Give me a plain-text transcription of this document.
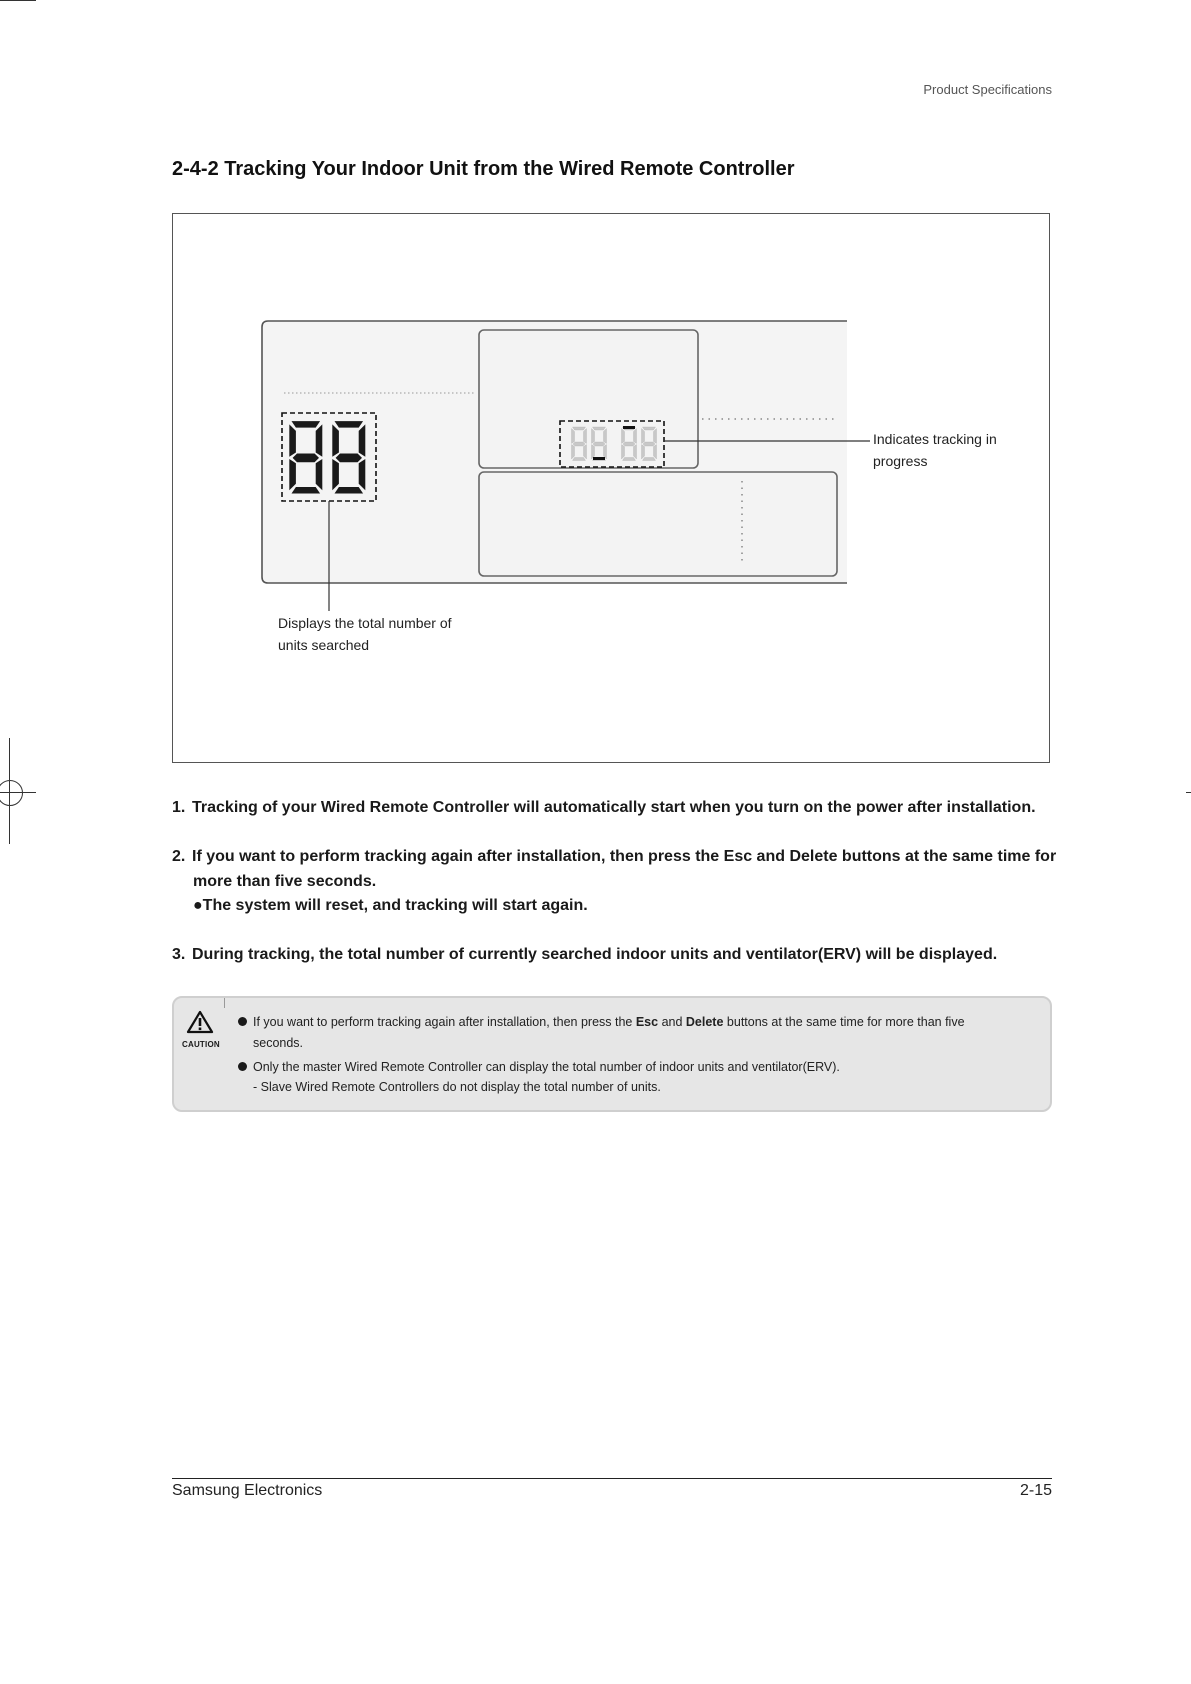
Product Specifications
2-4-2 Tracking Your Indoor Unit from the Wired Remote Controller
Indicates tracking in
progress
Displays the total number of
units searched
1. Tracking of your Wired Remote Controller will automatically start when you turn on the power after installation.
2. If you want to perform tracking again after installation, then press the Esc and Delete buttons at the same time for
more than five seconds.
●The system will reset, and tracking will start again.
3. During tracking, the total number of currently searched indoor units and ventilator(ERV) will be displayed.
CAUTION
If you want to perform tracking again after installation, then press the Esc and Delete buttons at the same time for more than five
seconds.
Only the master Wired Remote Controller can display the total number of indoor units and ventilator(ERV).
- Slave Wired Remote Controllers do not display the total number of units.
Samsung Electronics	2-15
